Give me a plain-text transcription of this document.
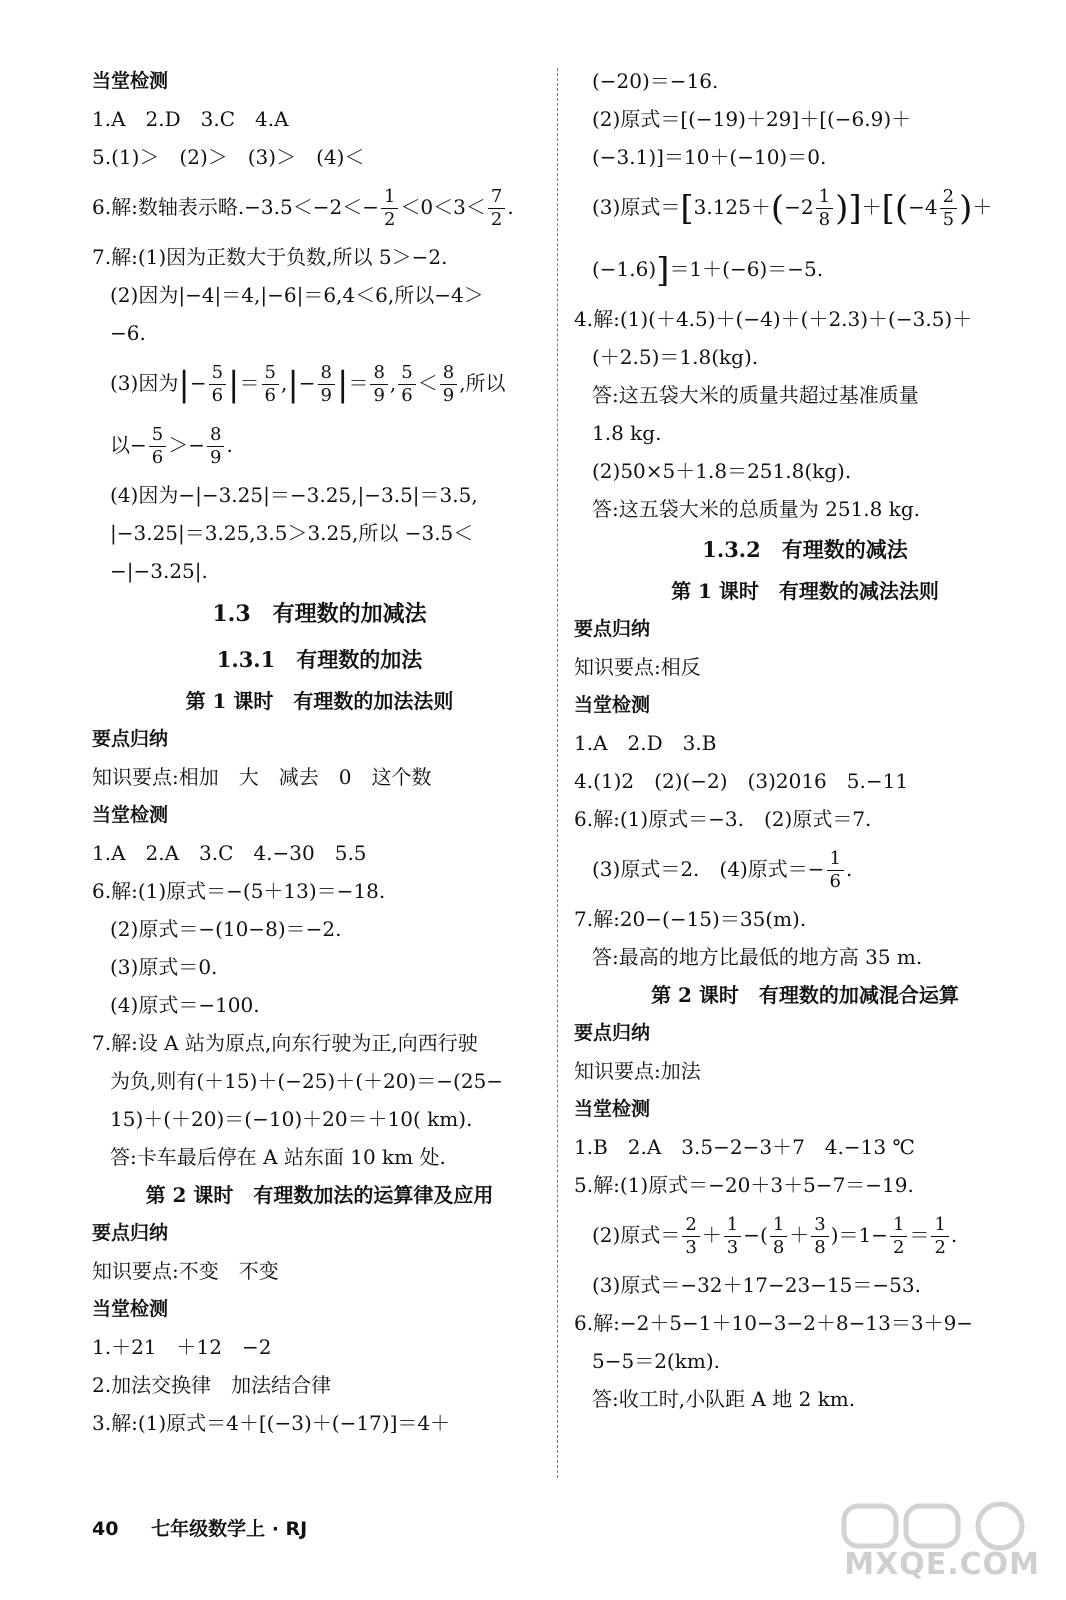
当堂检测
1.A　2.D　3.C　4.A
5.(1)＞　(2)＞　(3)＞　(4)＜
6.解:数轴表示略$.-3.5<-2<- \frac{1}{2} <0<3< \frac{7}{2}$ .
7.解:(1)因为正数大于负数,所以 5＞−2.
(2)因为|−4|＝4,|−6|＝6,4＜6,所以−4＞
−6.
(3)因为|− $\frac{5}{6}$ |＝ $\frac{5}{6}$ ,|− $\frac{8}{9}$ |＝ $\frac{8}{9}$ , $\frac{5}{6} < \frac{8}{9}$ ,所以
以− $\frac{5}{6} >- \frac{8}{9}$ .
(4)因为−|−3.25|＝−3.25,|−3.5|＝3.5,
|−3.25|＝3.25,3.5＞3.25,所以 −3.5＜
−|−3.25|.
1.3　有理数的加减法
1.3.1　有理数的加法
第 1 课时　有理数的加法法则
要点归纳
知识要点:相加　大　减去　0　这个数
当堂检测
1.A　2.A　3.C　4.−30　5.5
6.解:(1)原式＝−(5＋13)＝−18.
(2)原式＝−(10−8)＝−2.
(3)原式＝0.
(4)原式＝−100.
7.解:设 A 站为原点,向东行驶为正,向西行驶
为负,则有(＋15)＋(−25)＋(＋20)＝−(25−
15)＋(＋20)＝(−10)＋20＝＋10( km).
答:卡车最后停在 A 站东面 10 km 处.
第 2 课时　有理数加法的运算律及应用
要点归纳
知识要点:不变　不变
当堂检测
1.＋21　＋12　−2
2.加法交换律　加法结合律
3.解:(1)原式＝4＋[(−3)＋(−17)]＝4＋
(−20)＝−16.
(2)原式＝[(−19)＋29]＋[(−6.9)＋
(−3.1)]＝10＋(−10)＝0.
(3)原式$=[3.125+(-2 \frac{1}{8} )]+[(-4 \frac{2}{5}$ )＋
(−1.6)]＝1＋(−6)＝−5.
4.解:(1)(＋4.5)＋(−4)＋(＋2.3)＋(−3.5)＋
(＋2.5)＝1.8(kg).
答:这五袋大米的质量共超过基准质量
1.8 kg.
(2)50×5＋1.8＝251.8(kg).
答:这五袋大米的总质量为 251.8 kg.
1.3.2　有理数的减法
第 1 课时　有理数的减法法则
要点归纳
知识要点:相反
当堂检测
1.A　2.D　3.B
4.(1)2　(2)(−2)　(3)2016　5.−11
6.解:(1)原式＝−3.　(2)原式＝7.
(3)原式＝2.　(4)原式＝− $\frac{1}{6}$ .
7.解:20−(−15)＝35(m).
答:最高的地方比最低的地方高 35 m.
第 2 课时　有理数的加减混合运算
要点归纳
知识要点:加法
当堂检测
1.B　2.A　3.5−2−3＋7　4.−13 ℃
5.解:(1)原式＝−20＋3＋5−7＝−19.
(2)原式＝ $\frac{2}{3} + \frac{1}{3}$ −( $\frac{1}{8} + \frac{3}{8} )=1- \frac{1}{2} = \frac{1}{2}$ .
(3)原式＝−32＋17−23−15＝−53.
6.解:−2＋5−1＋10−3−2＋8−13＝3＋9−
5−5＝2(km).
答:收工时,小队距 A 地 2 km.
40 七年级数学上 · RJ
MXQE.COM
